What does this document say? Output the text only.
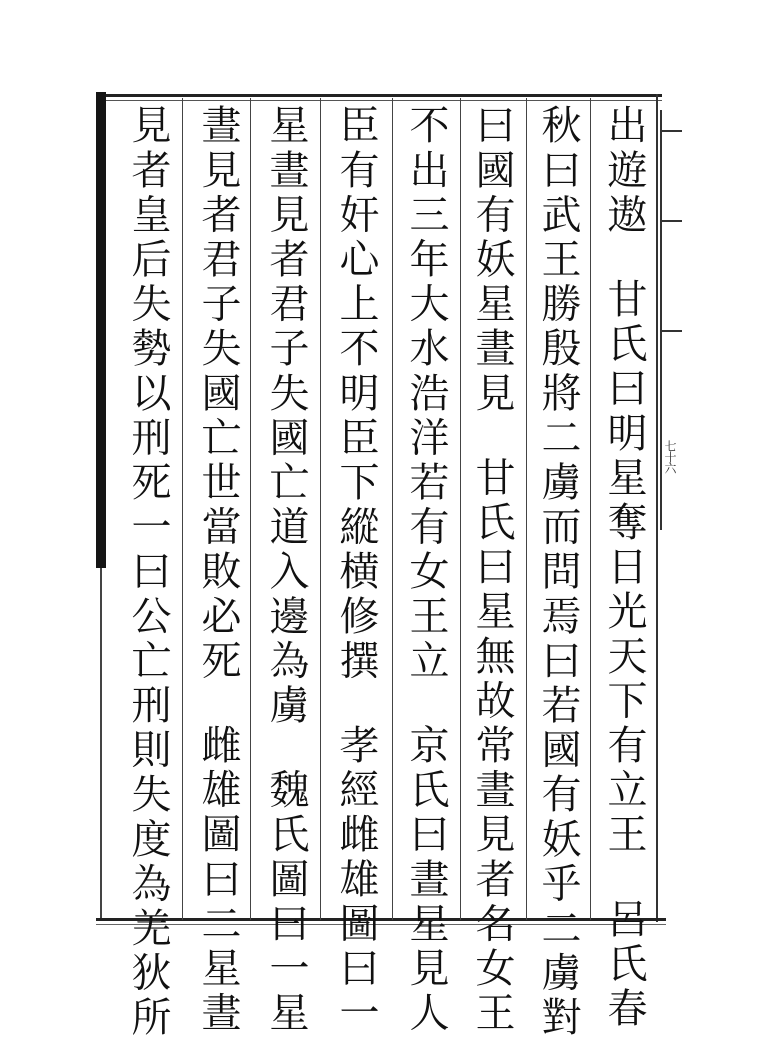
七十六
出遊遨甘氏曰明星奪日光天下有立王呂氏春
秋曰武王勝殷將二虜而問焉曰若國有妖乎二虜對
曰國有妖星晝見甘氏曰星無故常晝見者名女王
不出三年大水浩洋若有女王立京氏曰晝星見人
臣有奸心上不明臣下縱横修撰孝經雌雄圖曰一
星晝見者君子失國亡道入邊為虜魏氏圖曰一星
晝見者君子失國亡世當敗必死雌雄圖曰二星晝
見者皇后失勢以刑死一曰公亡刑則失度為羌狄所
